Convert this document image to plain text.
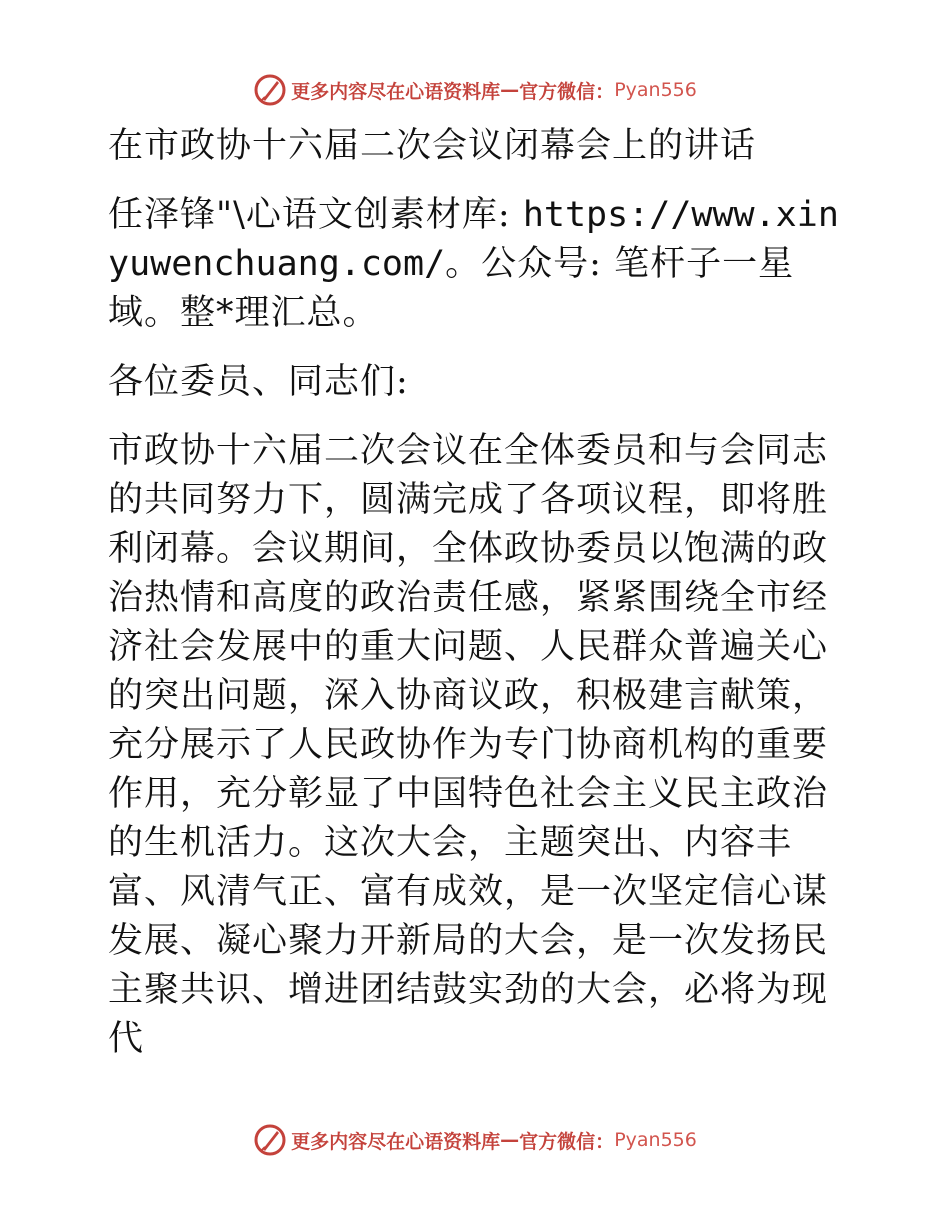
更多内容尽在心语资料库 — 官方微信： Pyan556

在市政协十六届二次会议闭幕会上的讲话

任泽锋"\心语文创素材库: https://www.xinyuwenchuang.com/。公众号: 笔杆子一星域。整*理汇总。

各位委员、同志们:

市政协十六届二次会议在全体委员和与会同志的共同努力下，圆满完成了各项议程，即将胜利闭幕。会议期间，全体政协委员以饱满的政治热情和高度的政治责任感，紧紧围绕全市经济社会发展中的重大问题、人民群众普遍关心的突出问题，深入协商议政，积极建言献策，充分展示了人民政协作为专门协商机构的重要作用，充分彰显了中国特色社会主义民主政治的生机活力。这次大会，主题突出、内容丰富、风清气正、富有成效，是一次坚定信心谋发展、凝心聚力开新局的大会，是一次发扬民主聚共识、增进团结鼓实劲的大会，必将为现代

更多内容尽在心语资料库 — 官方微信： Pyan556
